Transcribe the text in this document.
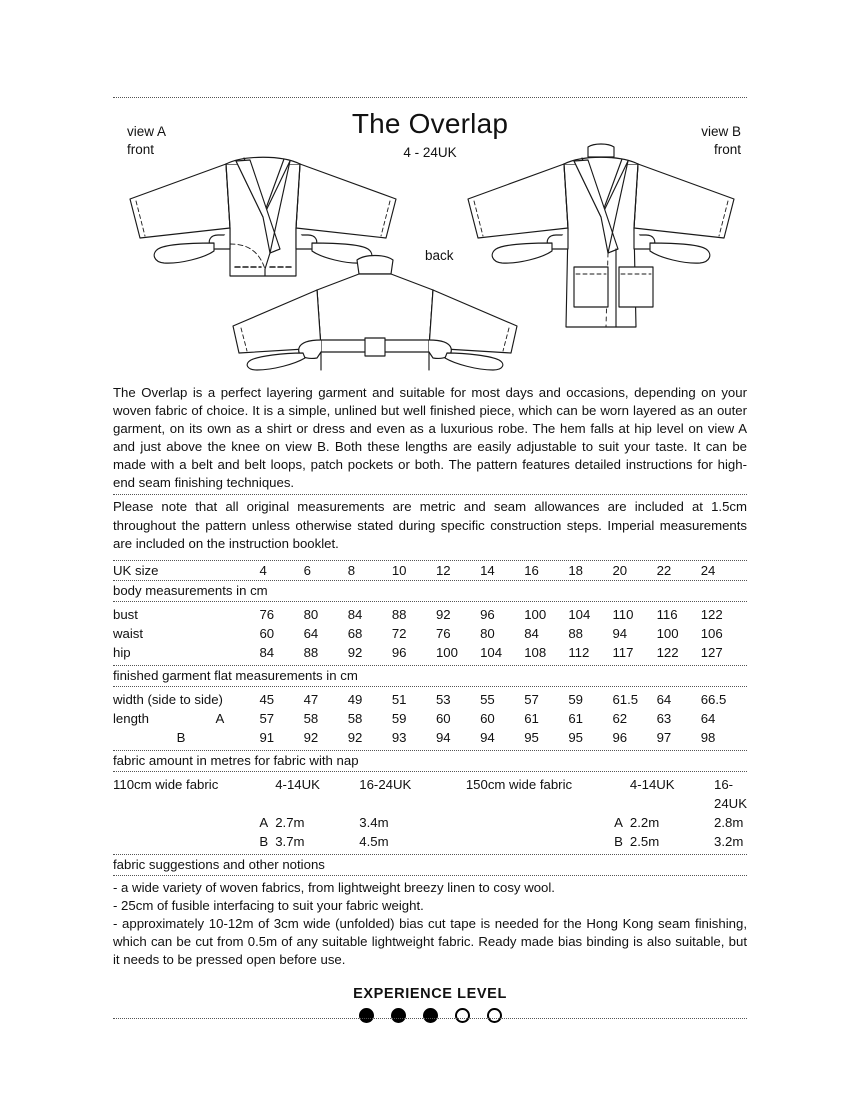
The Overlap
4 - 24UK
view A
front
view B
front
back

The Overlap is a perfect layering garment and suitable for most days and occasions, depending on your woven fabric of choice. It is a simple, unlined but well finished piece, which can be worn layered as an outer garment, on its own as a shirt or dress and even as a luxurious robe. The hem falls at hip level on view A and just above the knee on view B. Both these lengths are easily adjustable to suit your taste. It can be made with a belt and belt loops, patch pockets or both. The pattern features detailed instructions for high-end seam finishing techniques.

Please note that all original measurements are metric and seam allowances are included at 1.5cm throughout the pattern unless otherwise stated during specific construction steps. Imperial measurements are included on the instruction booklet.

UK size	4	6	8	10	12	14	16	18	20	22	24
body measurements in cm
bust	76	80	84	88	92	96	100	104	110	116	122
waist	60	64	68	72	76	80	84	88	94	100	106
hip	84	88	92	96	100	104	108	112	117	122	127
finished garment flat measurements in cm
width (side to side)	45	47	49	51	53	55	57	59	61.5	64	66.5
length A	57	58	58	59	60	60	61	61	62	63	64
B	91	92	92	93	94	94	95	95	96	97	98
fabric amount in metres for fabric with nap
110cm wide fabric		4-14UK	16-24UK	150cm wide fabric		4-14UK	16-24UK
	A	2.7m	3.4m		A	2.2m	2.8m
	B	3.7m	4.5m		B	2.5m	3.2m
fabric suggestions and other notions

- a wide variety of woven fabrics, from lightweight breezy linen to cosy wool.

- 25cm of fusible interfacing to suit your fabric weight.

- approximately 10-12m of 3cm wide (unfolded) bias cut tape is needed for the Hong Kong seam finishing, which can be cut from 0.5m of any suitable lightweight fabric. Ready made bias binding is also suitable, but it needs to be pressed open before use.

EXPERIENCE LEVEL
